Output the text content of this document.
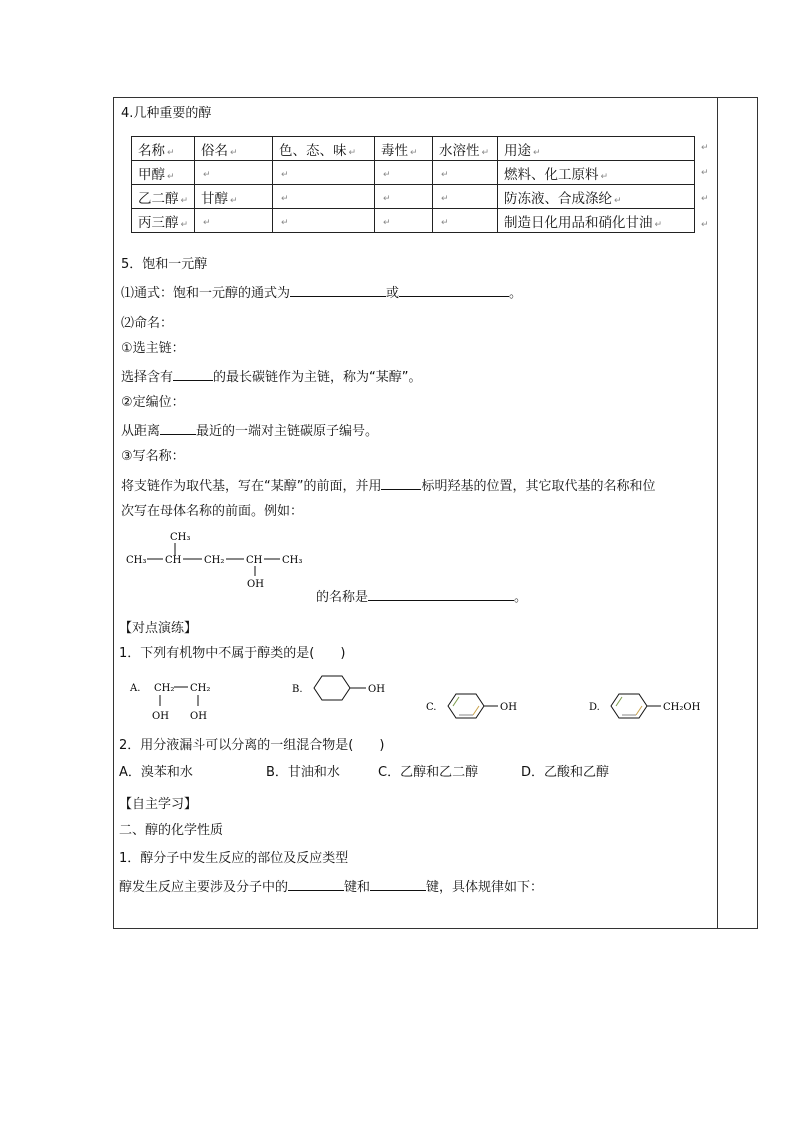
4.几种重要的醇
名称 ↵	俗名 ↵	色、态、味 ↵	毒性 ↵	水溶性 ↵	用途 ↵
甲醇 ↵	↵	↵	↵	↵	燃料、化工原料 ↵
乙二醇 ↵	甘醇 ↵	↵	↵	↵	防冻液、合成涤纶 ↵
丙三醇 ↵	↵	↵	↵	↵	制造日化用品和硝化甘油 ↵
↵
↵
↵
↵
5．饱和一元醇
⑴通式：饱和一元醇的通式为	或	。
⑵命名：
①选主链：
选择含有	的最长碳链作为主链，称为“某醇”。
②定编位：
从距离	最近的一端对主链碳原子编号。
③写名称：
将支链作为取代基，写在“某醇”的前面，并用	标明羟基的位置，其它取代基的名称和位
次写在母体名称的前面。例如：
CH₃
CH₃ CH CH₂ CH CH₃
OH
的名称是	。
【对点演练】
1．下列有机物中不属于醇类的是(　　)
A. CH₂ CH₂
OH OH
B.	OH
C.	OH	D.	CH₂OH
2．用分液漏斗可以分离的一组混合物是(　　)
A．溴苯和水	B．甘油和水	C．乙醇和乙二醇	D．乙酸和乙醇
【自主学习】
二、醇的化学性质
1．醇分子中发生反应的部位及反应类型
醇发生反应主要涉及分子中的	键和	键，具体规律如下：
